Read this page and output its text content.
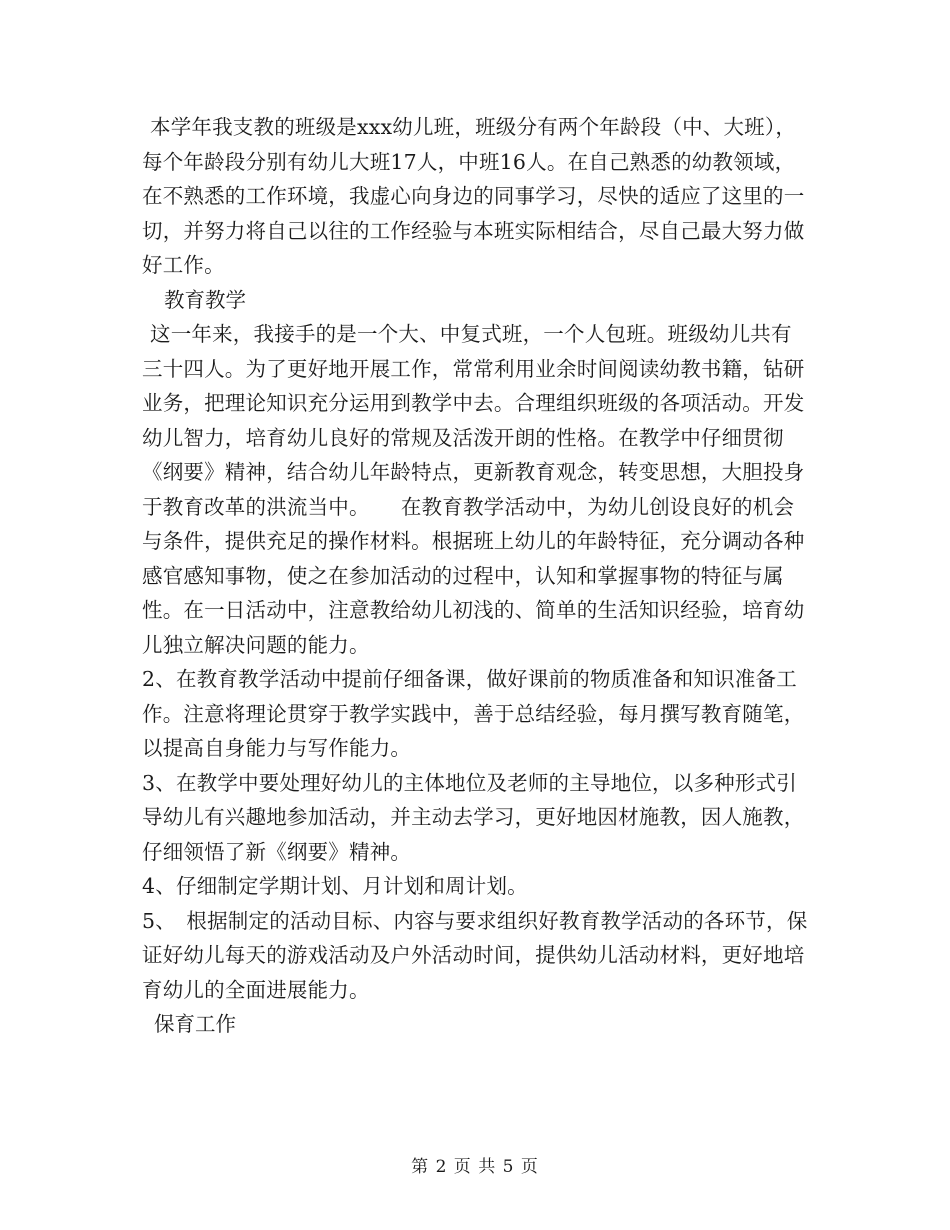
本学年我支教的班级是xxx幼儿班，班级分有两个年龄段（中、大班），每个年龄段分别有幼儿大班17人，中班16人。在自己熟悉的幼教领域，在不熟悉的工作环境，我虚心向身边的同事学习，尽快的适应了这里的一切，并努力将自己以往的工作经验与本班实际相结合，尽自己最大努力做好工作。

教育教学

这一年来，我接手的是一个大、中复式班，一个人包班。班级幼儿共有三十四人。为了更好地开展工作，常常利用业余时间阅读幼教书籍，钻研业务，把理论知识充分运用到教学中去。合理组织班级的各项活动。开发幼儿智力，培育幼儿良好的常规及活泼开朗的性格。在教学中仔细贯彻《纲要》精神，结合幼儿年龄特点，更新教育观念，转变思想，大胆投身于教育改革的洪流当中。　　在教育教学活动中，为幼儿创设良好的机会与条件，提供充足的操作材料。根据班上幼儿的年龄特征，充分调动各种感官感知事物，使之在参加活动的过程中，认知和掌握事物的特征与属性。在一日活动中，注意教给幼儿初浅的、简单的生活知识经验，培育幼儿独立解决问题的能力。

2、在教育教学活动中提前仔细备课，做好课前的物质准备和知识准备工作。注意将理论贯穿于教学实践中，善于总结经验，每月撰写教育随笔，以提高自身能力与写作能力。

3、在教学中要处理好幼儿的主体地位及老师的主导地位，以多种形式引导幼儿有兴趣地参加活动，并主动去学习，更好地因材施教，因人施教，仔细领悟了新《纲要》精神。

4、仔细制定学期计划、月计划和周计划。

5、　根据制定的活动目标、内容与要求组织好教育教学活动的各环节，保证好幼儿每天的游戏活动及户外活动时间，提供幼儿活动材料，更好地培育幼儿的全面进展能力。

保育工作

第 2 页 共 5 页
